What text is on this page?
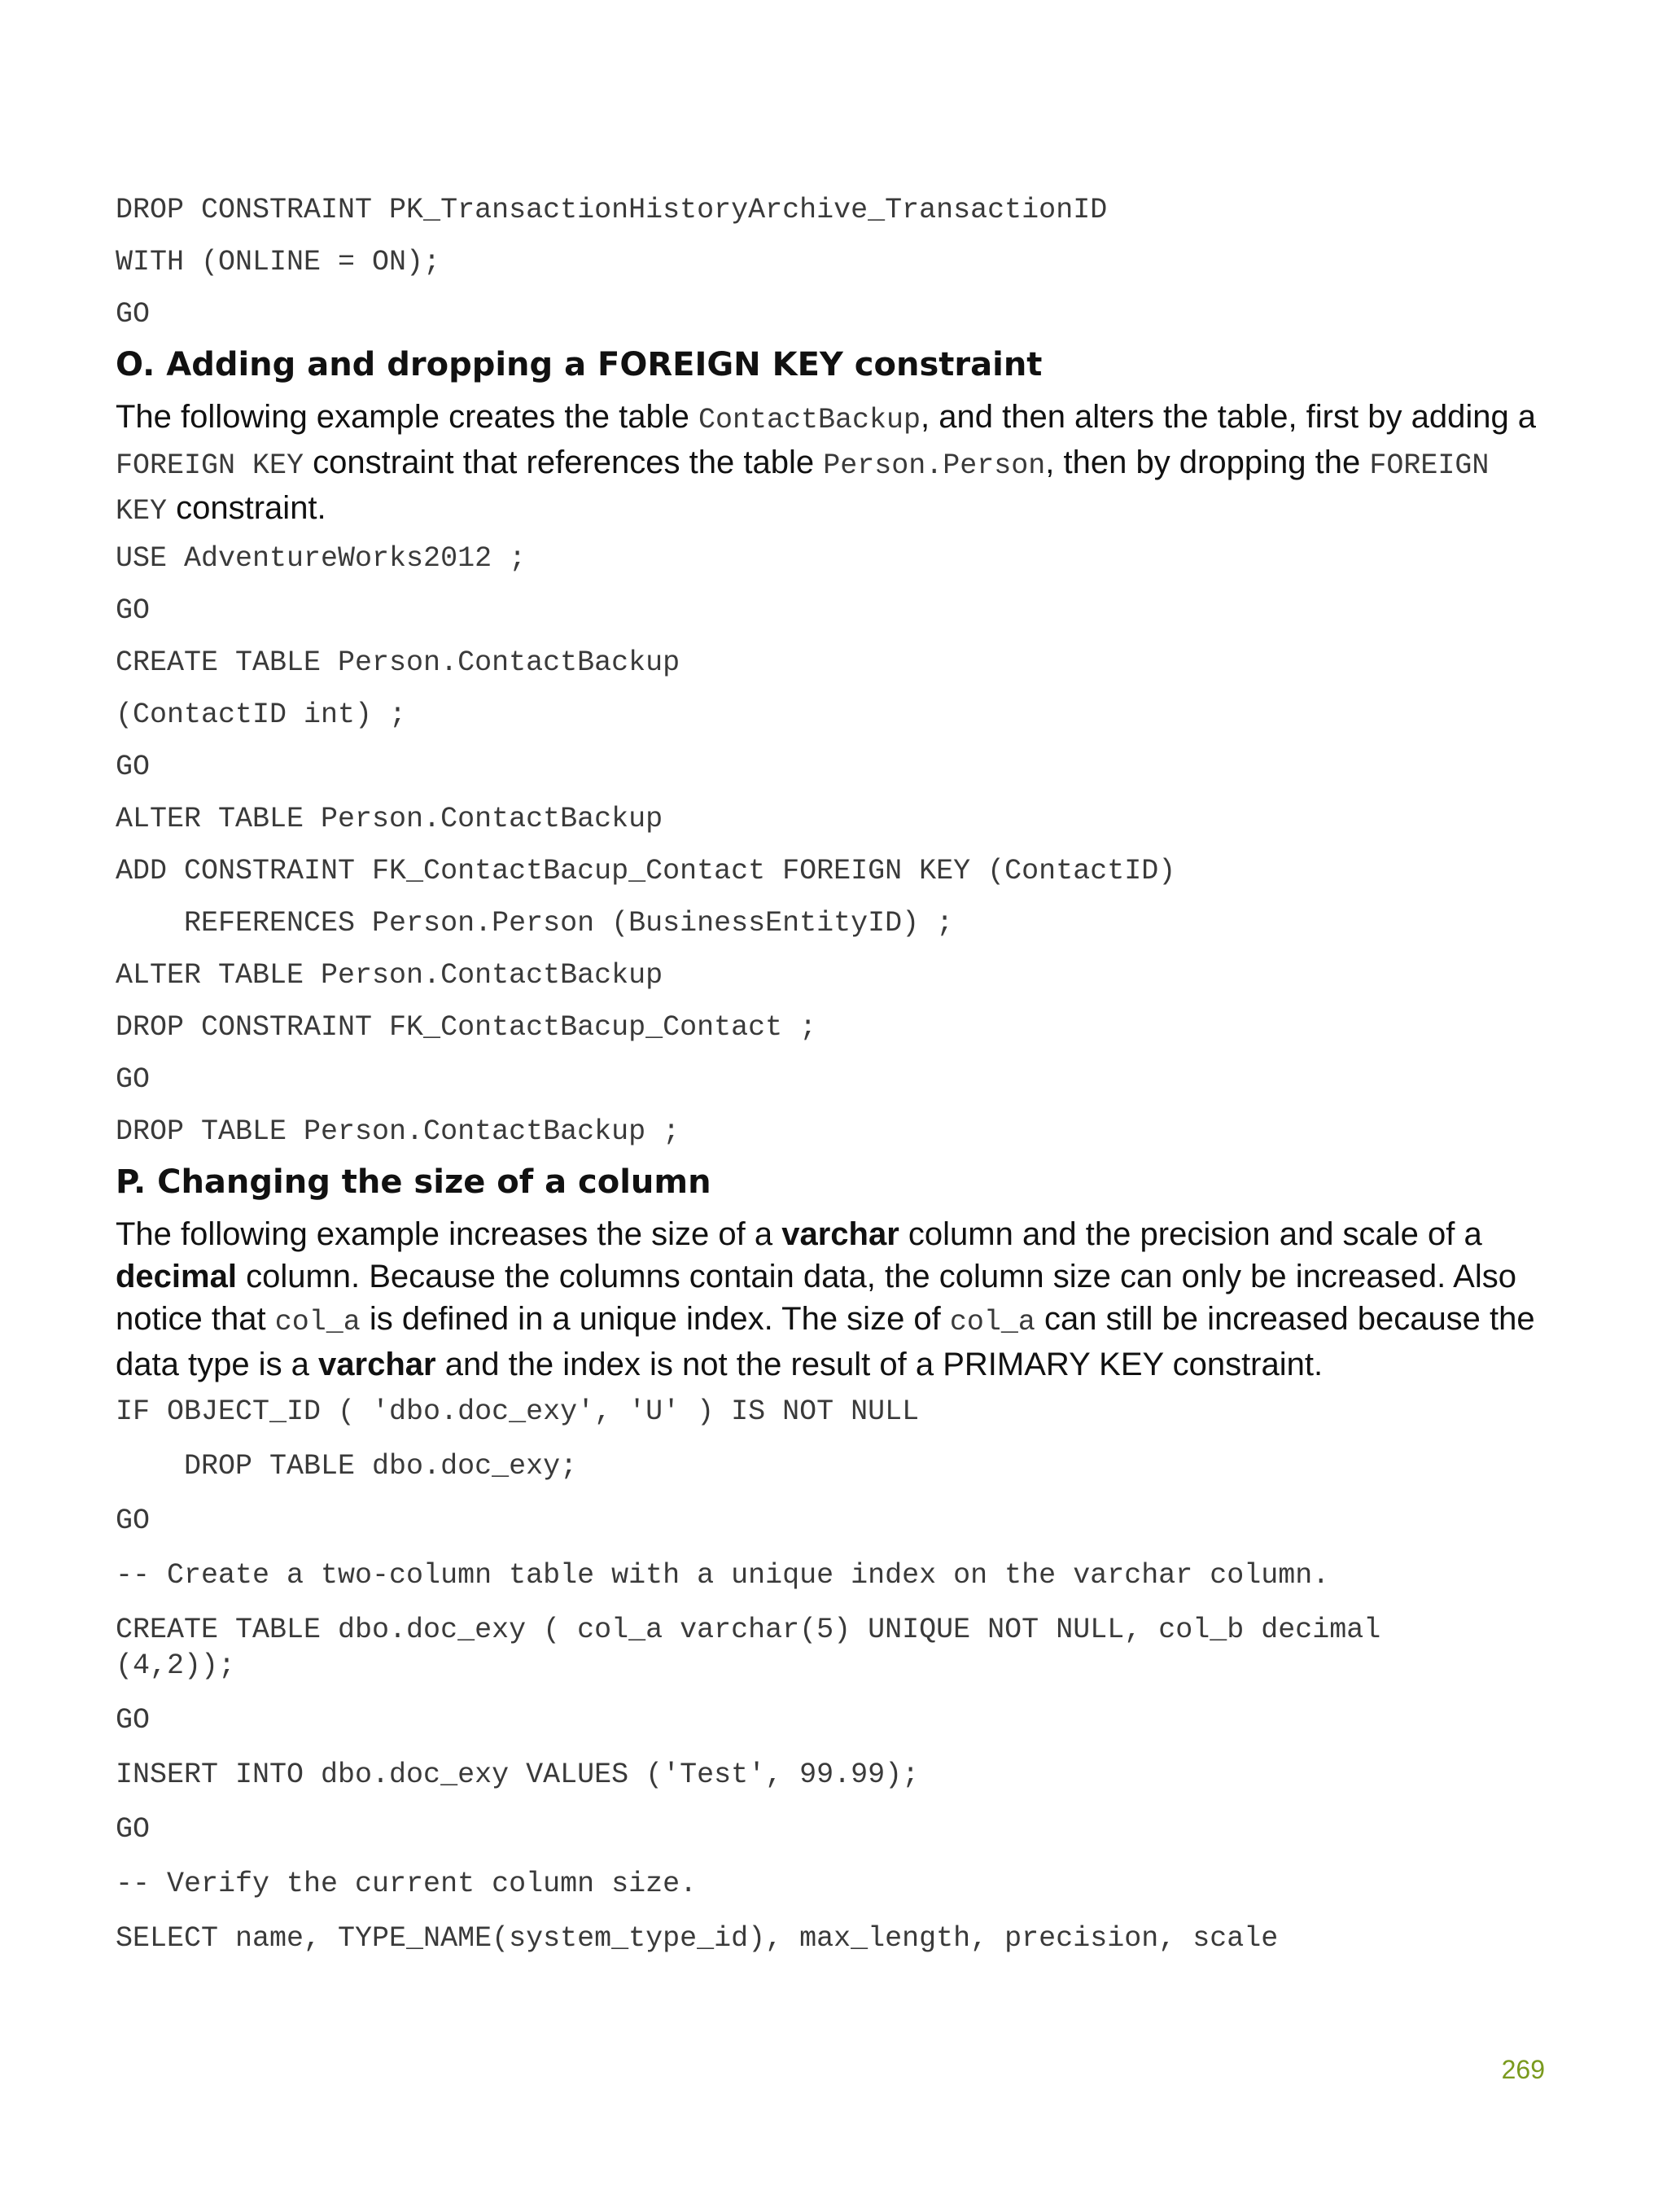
DROP CONSTRAINT PK_TransactionHistoryArchive_TransactionID

WITH (ONLINE = ON);

GO

O. Adding and dropping a FOREIGN KEY constraint

The following example creates the table ContactBackup, and then alters the table, first by adding a FOREIGN KEY constraint that references the table Person.Person, then by dropping the FOREIGN KEY constraint.

USE AdventureWorks2012 ;

GO

CREATE TABLE Person.ContactBackup

(ContactID int) ;

GO

ALTER TABLE Person.ContactBackup

ADD CONSTRAINT FK_ContactBacup_Contact FOREIGN KEY (ContactID)

REFERENCES Person.Person (BusinessEntityID) ;

ALTER TABLE Person.ContactBackup

DROP CONSTRAINT FK_ContactBacup_Contact ;

GO

DROP TABLE Person.ContactBackup ;

P. Changing the size of a column

The following example increases the size of a varchar column and the precision and scale of a decimal column. Because the columns contain data, the column size can only be increased. Also notice that col_a is defined in a unique index. The size of col_a can still be increased because the data type is a varchar and the index is not the result of a PRIMARY KEY constraint.

IF OBJECT_ID ( 'dbo.doc_exy', 'U' ) IS NOT NULL

DROP TABLE dbo.doc_exy;

GO

-- Create a two-column table with a unique index on the varchar column.

CREATE TABLE dbo.doc_exy ( col_a varchar(5) UNIQUE NOT NULL, col_b decimal (4,2));

GO

INSERT INTO dbo.doc_exy VALUES ('Test', 99.99);

GO

-- Verify the current column size.

SELECT name, TYPE_NAME(system_type_id), max_length, precision, scale

269
